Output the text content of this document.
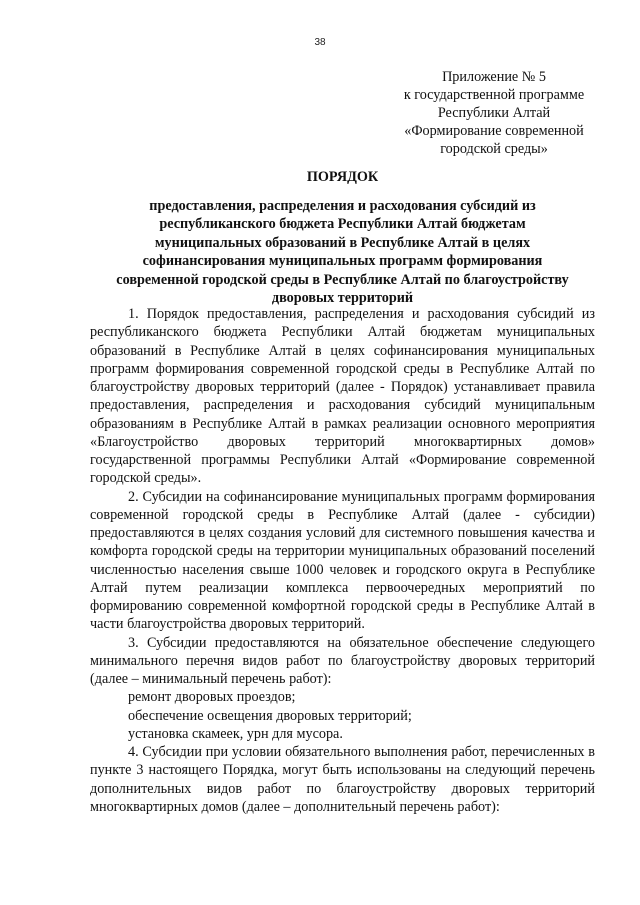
38
Приложение № 5
к государственной программе
Республики Алтай
«Формирование современной
городской среды»
ПОРЯДОК
предоставления, распределения и расходования субсидий из
республиканского бюджета Республики Алтай бюджетам
муниципальных образований в Республике Алтай в целях
софинансирования муниципальных программ формирования
современной городской среды в Республике Алтай по благоустройству
дворовых территорий

1. Порядок предоставления, распределения и расходования субсидий из республиканского бюджета Республики Алтай бюджетам муниципальных образований в Республике Алтай в целях софинансирования муниципальных программ формирования современной городской среды в Республике Алтай по благоустройству дворовых территорий (далее - Порядок) устанавливает правила предоставления, распределения и расходования субсидий муниципальным образованиям в Республике Алтай в рамках реализации основного мероприятия «Благоустройство дворовых территорий многоквартирных домов» государственной программы Республики Алтай «Формирование современной городской среды».

2. Субсидии на софинансирование муниципальных программ формирования современной городской среды в Республике Алтай (далее - субсидии) предоставляются в целях создания условий для системного повышения качества и комфорта городской среды на территории муниципальных образований поселений численностью населения свыше 1000 человек и городского округа в Республике Алтай путем реализации комплекса первоочередных мероприятий по формированию современной комфортной городской среды в Республике Алтай в части благоустройства дворовых территорий.

3. Субсидии предоставляются на обязательное обеспечение следующего минимального перечня видов работ по благоустройству дворовых территорий (далее – минимальный перечень работ):

ремонт дворовых проездов;

обеспечение освещения дворовых территорий;

установка скамеек, урн для мусора.

4. Субсидии при условии обязательного выполнения работ, перечисленных в пункте 3 настоящего Порядка, могут быть использованы на следующий перечень дополнительных видов работ по благоустройству дворовых территорий многоквартирных домов (далее – дополнительный перечень работ):
